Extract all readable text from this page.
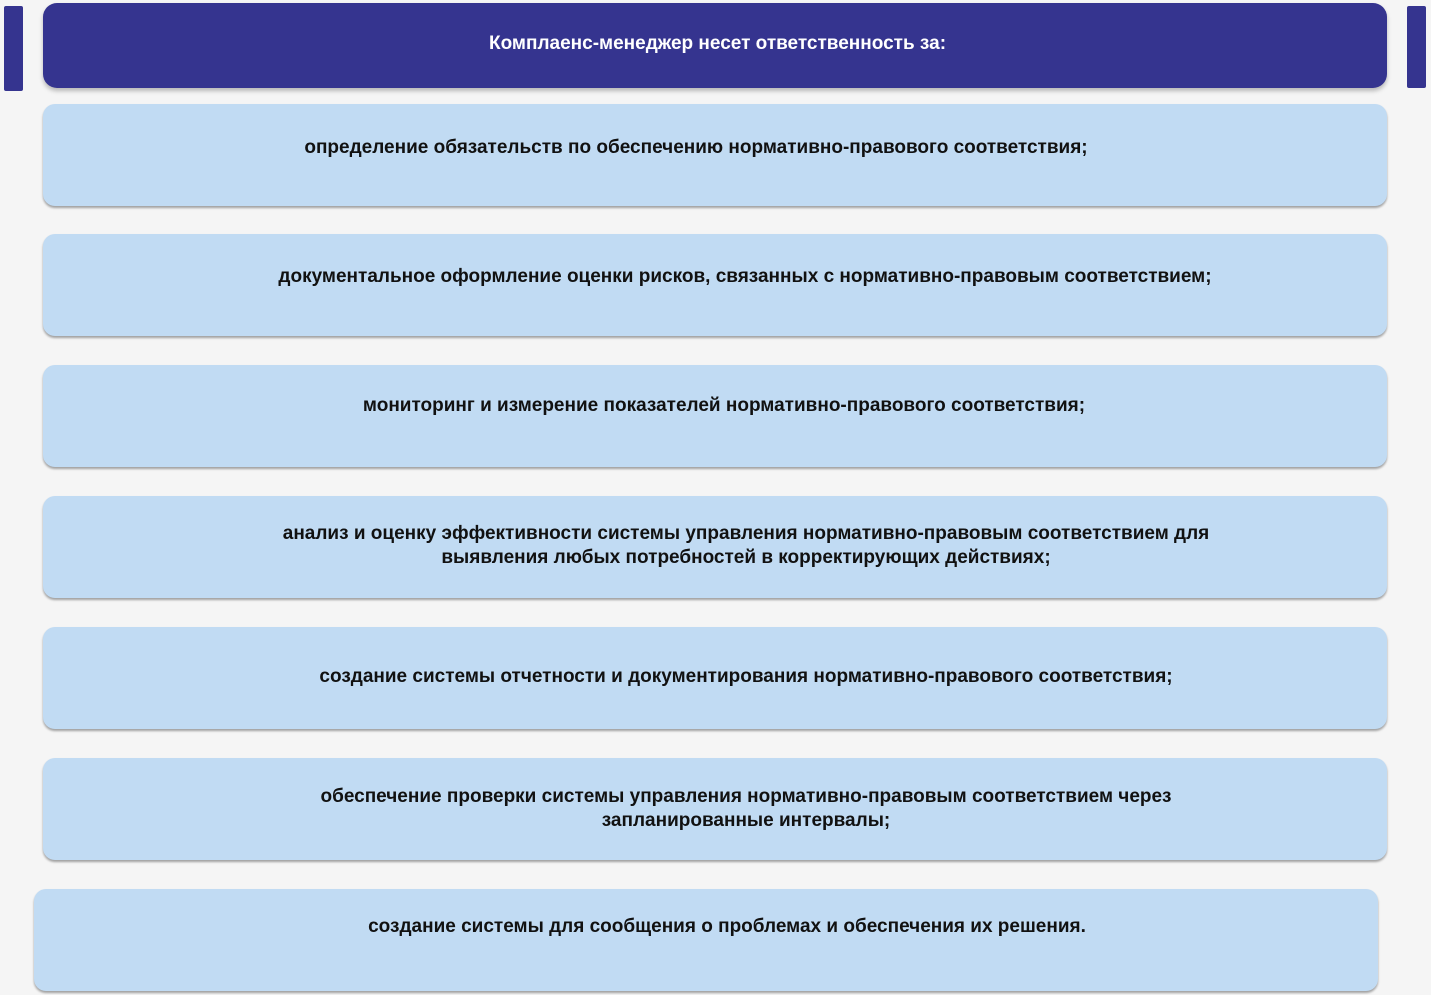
Комплаенс-менеджер несет ответственность за:
определение обязательств по обеспечению нормативно-правового соответствия;
документальное оформление оценки рисков, связанных с нормативно-правовым соответствием;
мониторинг и измерение показателей нормативно-правового соответствия;
анализ и оценку эффективности системы управления нормативно-правовым соответствием для
выявления любых потребностей в корректирующих действиях;
создание системы отчетности и документирования нормативно-правового соответствия;
обеспечение проверки системы управления нормативно-правовым соответствием через
запланированные интервалы;
создание системы для сообщения о проблемах и обеспечения их решения.
